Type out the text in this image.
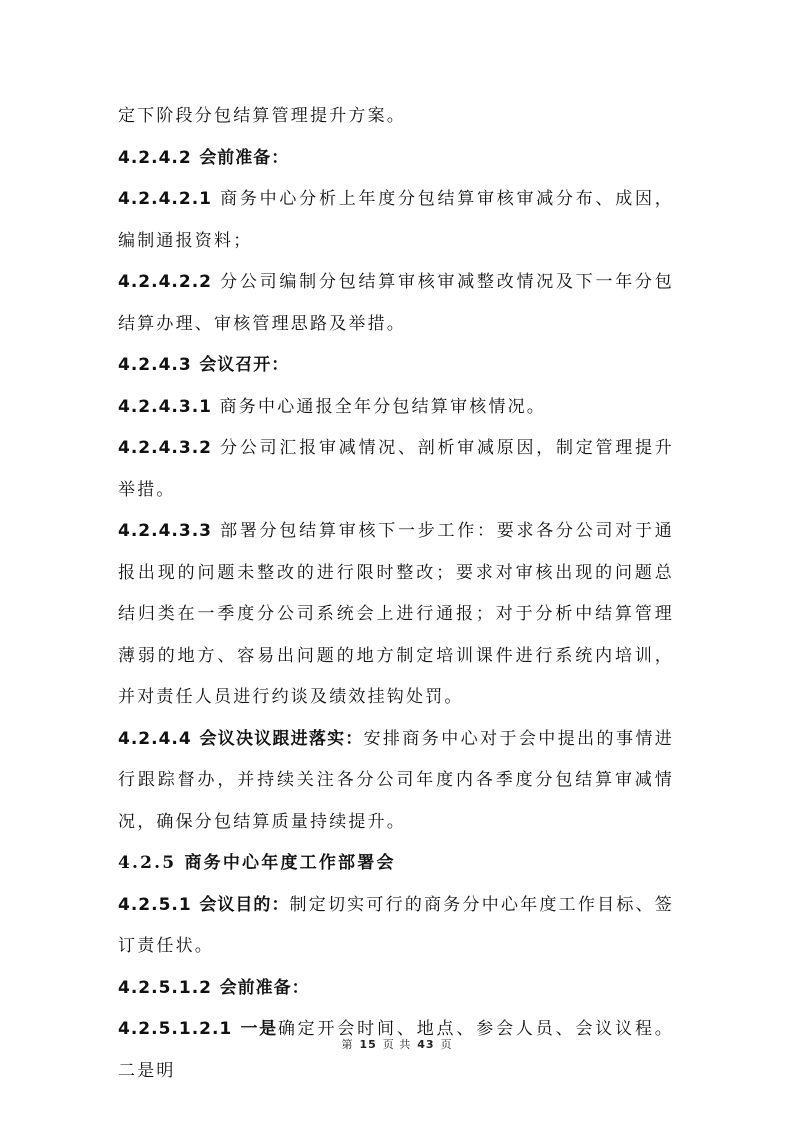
定下阶段分包结算管理提升方案。

4.2.4.2 会前准备：

4.2.4.2.1 商务中心分析上年度分包结算审核审减分布、成因，编制通报资料；

4.2.4.2.2 分公司编制分包结算审核审减整改情况及下一年分包结算办理、审核管理思路及举措。

4.2.4.3 会议召开：

4.2.4.3.1 商务中心通报全年分包结算审核情况。

4.2.4.3.2 分公司汇报审减情况、剖析审减原因，制定管理提升举措。

4.2.4.3.3 部署分包结算审核下一步工作：要求各分公司对于通报出现的问题未整改的进行限时整改；要求对审核出现的问题总结归类在一季度分公司系统会上进行通报；对于分析中结算管理薄弱的地方、容易出问题的地方制定培训课件进行系统内培训，并对责任人员进行约谈及绩效挂钩处罚。

4.2.4.4 会议决议跟进落实：安排商务中心对于会中提出的事情进行跟踪督办，并持续关注各分公司年度内各季度分包结算审减情况，确保分包结算质量持续提升。

4.2.5 商务中心年度工作部署会

4.2.5.1 会议目的：制定切实可行的商务分中心年度工作目标、签订责任状。

4.2.5.1.2 会前准备：

4.2.5.1.2.1 一是确定开会时间、地点、参会人员、会议议程。二是明

第 15 页 共 43 页
